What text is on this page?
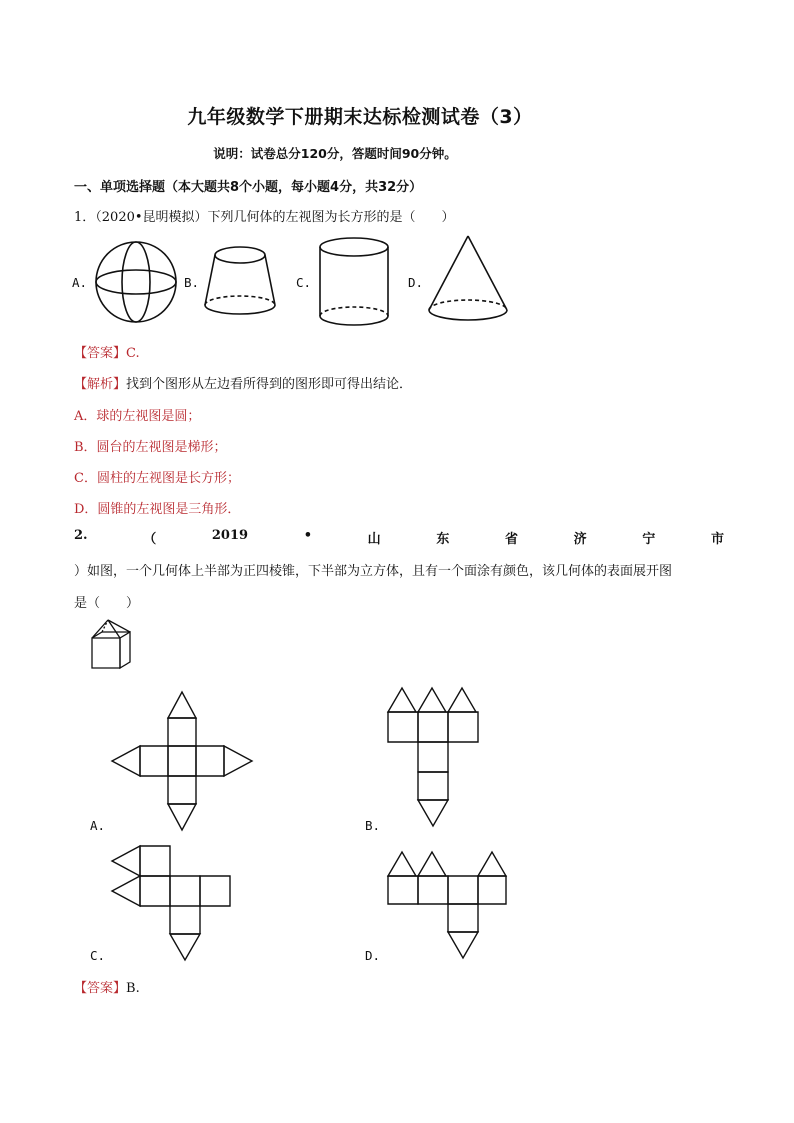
九年级数学下册期末达标检测试卷（3）
说明：试卷总分120分，答题时间90分钟。
一、单项选择题（本大题共8个小题，每小题4分，共32分）
1．（2020•昆明模拟）下列几何体的左视图为长方形的是（　　）
A.	B.	C.	D.
【答案】C.
【解析】找到个图形从左边看所得到的图形即可得出结论．
A．球的左视图是圆；
B．圆台的左视图是梯形；
C．圆柱的左视图是长方形；
D．圆锥的左视图是三角形．
2.	（	2019	•	山	东	省	济	宁	市
）如图，一个几何体上半部为正四棱锥，下半部为立方体，且有一个面涂有颜色，该几何体的表面展开图
是（　　）
A.	B.
C.	D.
【答案】B.
